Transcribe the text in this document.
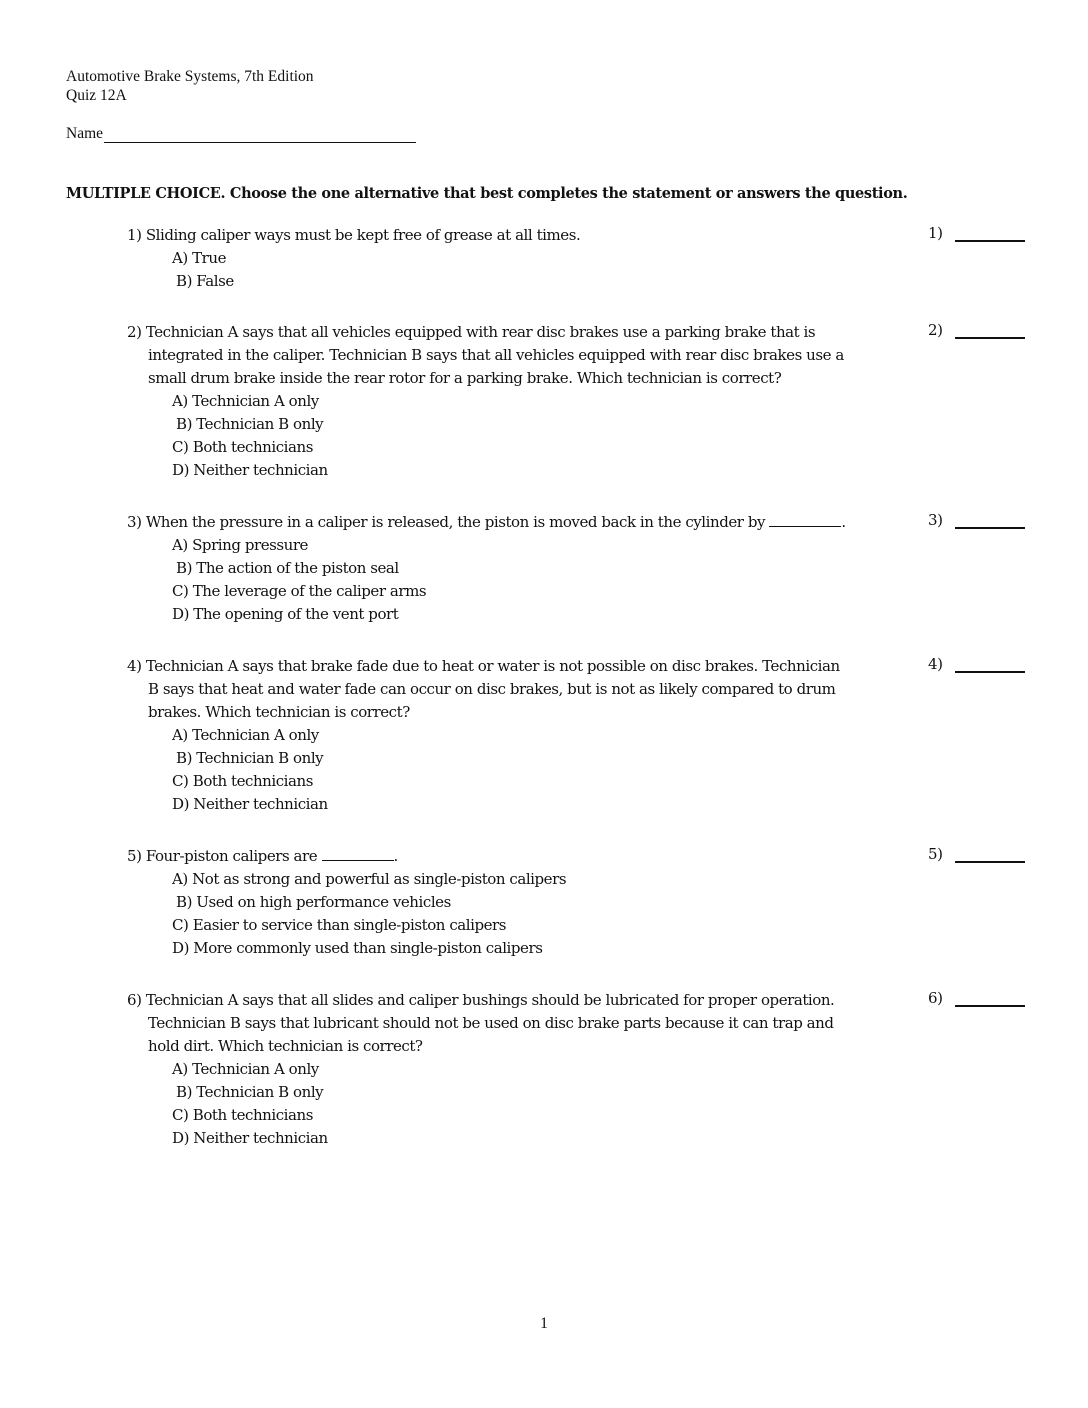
Automotive Brake Systems, 7th Edition
Quiz 12A
Name
MULTIPLE CHOICE. Choose the one alternative that best completes the statement or answers the question.
1) Sliding caliper ways must be kept free of grease at all times.
A) True
B) False
1)
2) Technician A says that all vehicles equipped with rear disc brakes use a parking brake that is
integrated in the caliper. Technician B says that all vehicles equipped with rear disc brakes use a
small drum brake inside the rear rotor for a parking brake. Which technician is correct?
A) Technician A only
B) Technician B only
C) Both technicians
D) Neither technician
2)
3) When the pressure in a caliper is released, the piston is moved back in the cylinder by	.
A) Spring pressure
B) The action of the piston seal
C) The leverage of the caliper arms
D) The opening of the vent port
3)
4) Technician A says that brake fade due to heat or water is not possible on disc brakes. Technician
B says that heat and water fade can occur on disc brakes, but is not as likely compared to drum
brakes. Which technician is correct?
A) Technician A only
B) Technician B only
C) Both technicians
D) Neither technician
4)
5) Four-piston calipers are	.
A) Not as strong and powerful as single-piston calipers
B) Used on high performance vehicles
C) Easier to service than single-piston calipers
D) More commonly used than single-piston calipers
5)
6) Technician A says that all slides and caliper bushings should be lubricated for proper operation.
Technician B says that lubricant should not be used on disc brake parts because it can trap and
hold dirt. Which technician is correct?
A) Technician A only
B) Technician B only
C) Both technicians
D) Neither technician
6)
1
